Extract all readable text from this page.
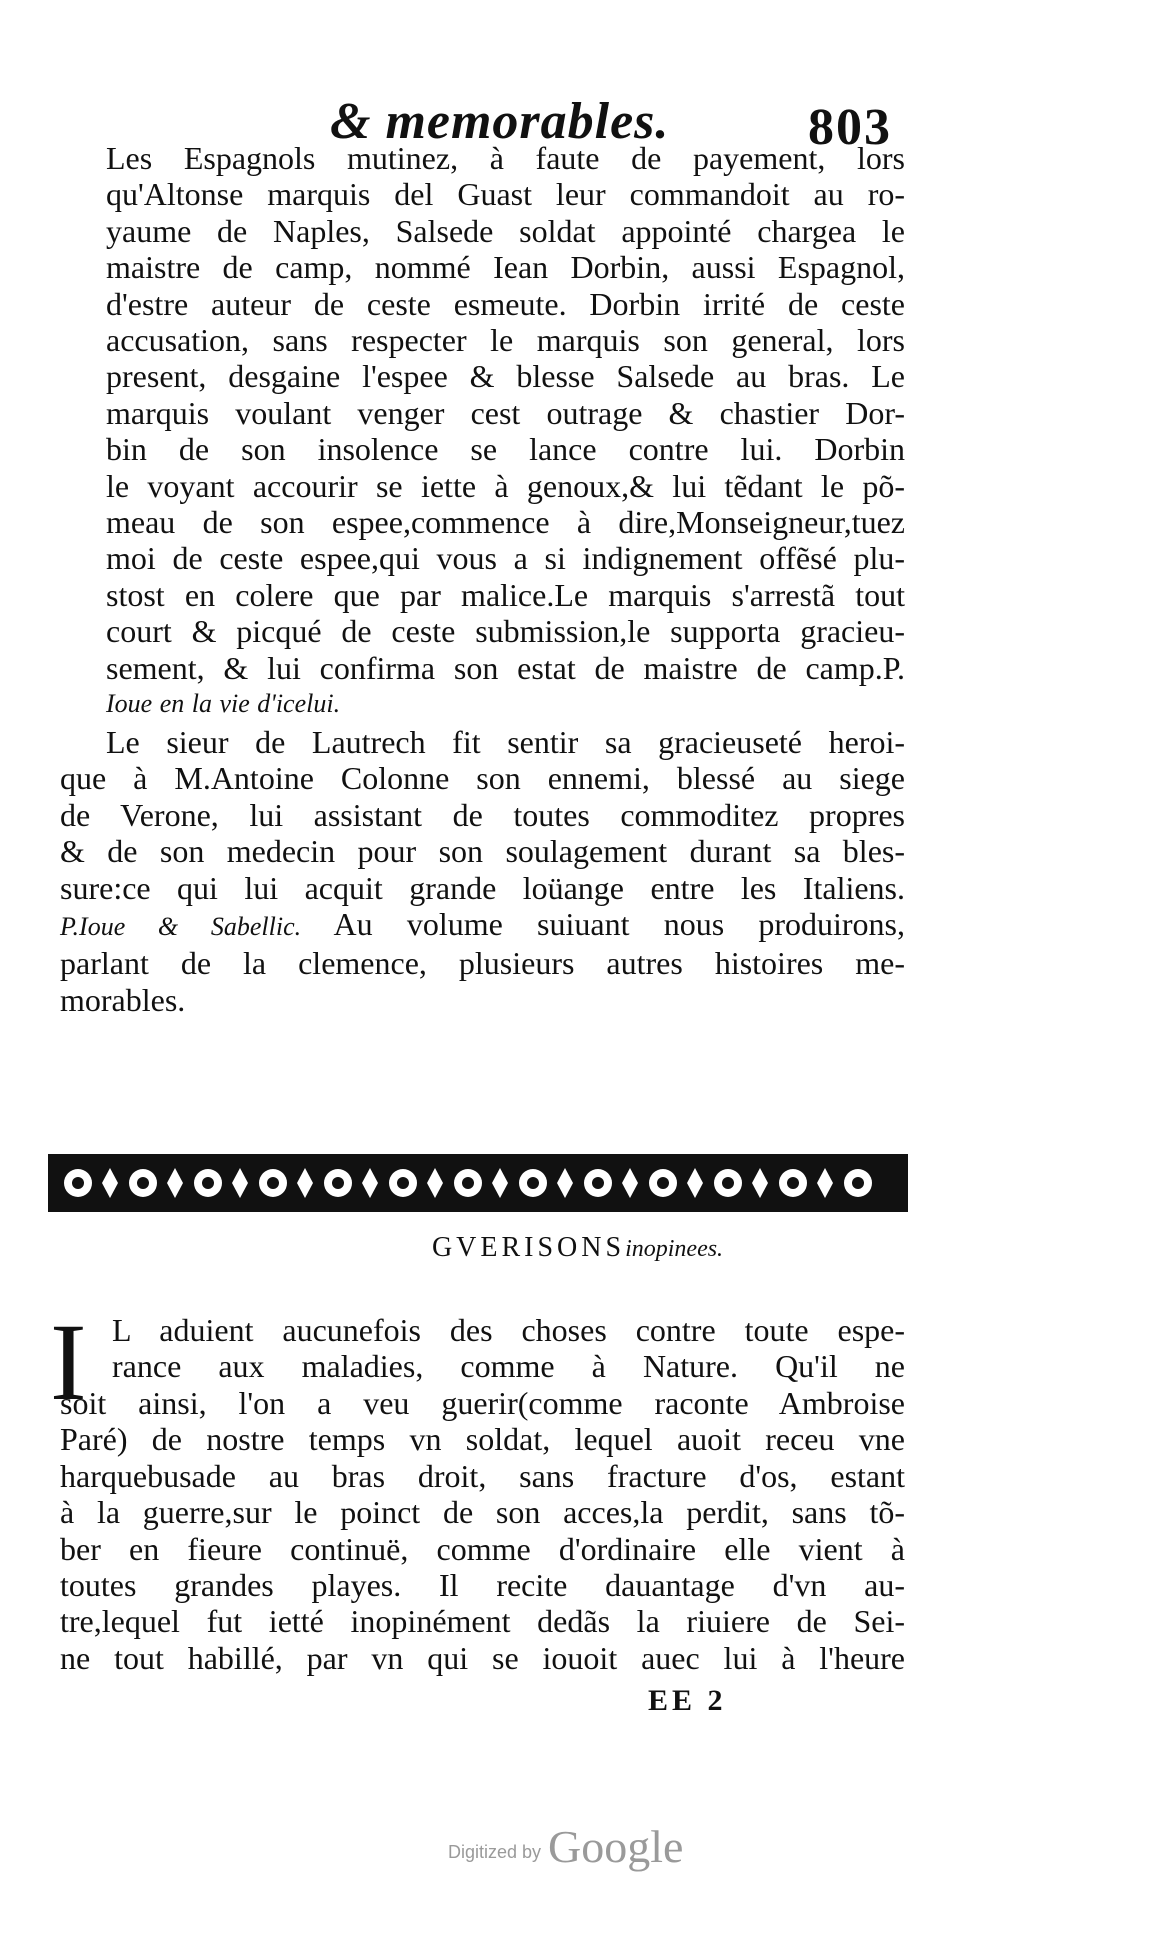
& memorables.	803
Les Espagnols mutinez, à faute de payement, lors
qu'Altonse marquis del Guast leur commandoit au ro-
yaume de Naples, Salsede soldat appointé chargea le
maistre de camp, nommé Iean Dorbin, aussi Espagnol,
d'estre auteur de ceste esmeute. Dorbin irrité de ceste
accusation, sans respecter le marquis son general, lors
present, desgaine l'espee & blesse Salsede au bras. Le
marquis voulant venger cest outrage & chastier Dor-
bin de son insolence se lance contre lui. Dorbin
le voyant accourir se iette à genoux,& lui tẽdant le põ-
meau de son espee,commence à dire,Monseigneur,tuez
moi de ceste espee,qui vous a si indignement offẽsé plu-
stost en colere que par malice.Le marquis s'arrestã tout
court & picqué de ceste submission,le supporta gracieu-
sement, & lui confirma son estat de maistre de camp.P.
Ioue en la vie d'icelui.
Le sieur de Lautrech fit sentir sa gracieuseté heroi-
que à M.Antoine Colonne son ennemi, blessé au siege
de Verone, lui assistant de toutes commoditez propres
& de son medecin pour son soulagement durant sa bles-
sure:ce qui lui acquit grande loüange entre les Italiens.
P.Ioue & Sabellic. Au volume suiuant nous produirons,
parlant de la clemence, plusieurs autres histoires me-
morables.
GVERISONSinopinees.
I L aduient aucunefois des choses contre toute espe-
rance aux maladies, comme à Nature. Qu'il ne
soit ainsi, l'on a veu guerir(comme raconte Ambroise
Paré) de nostre temps vn soldat, lequel auoit receu vne
harquebusade au bras droit, sans fracture d'os, estant
à la guerre,sur le poinct de son acces,la perdit, sans tõ-
ber en fieure continuë, comme d'ordinaire elle vient à
toutes grandes playes. Il recite dauantage d'vn au-
tre,lequel fut ietté inopinément dedãs la riuiere de Sei-
ne tout habillé, par vn qui se iouoit auec lui à l'heure
EE 2
Digitized by Google
